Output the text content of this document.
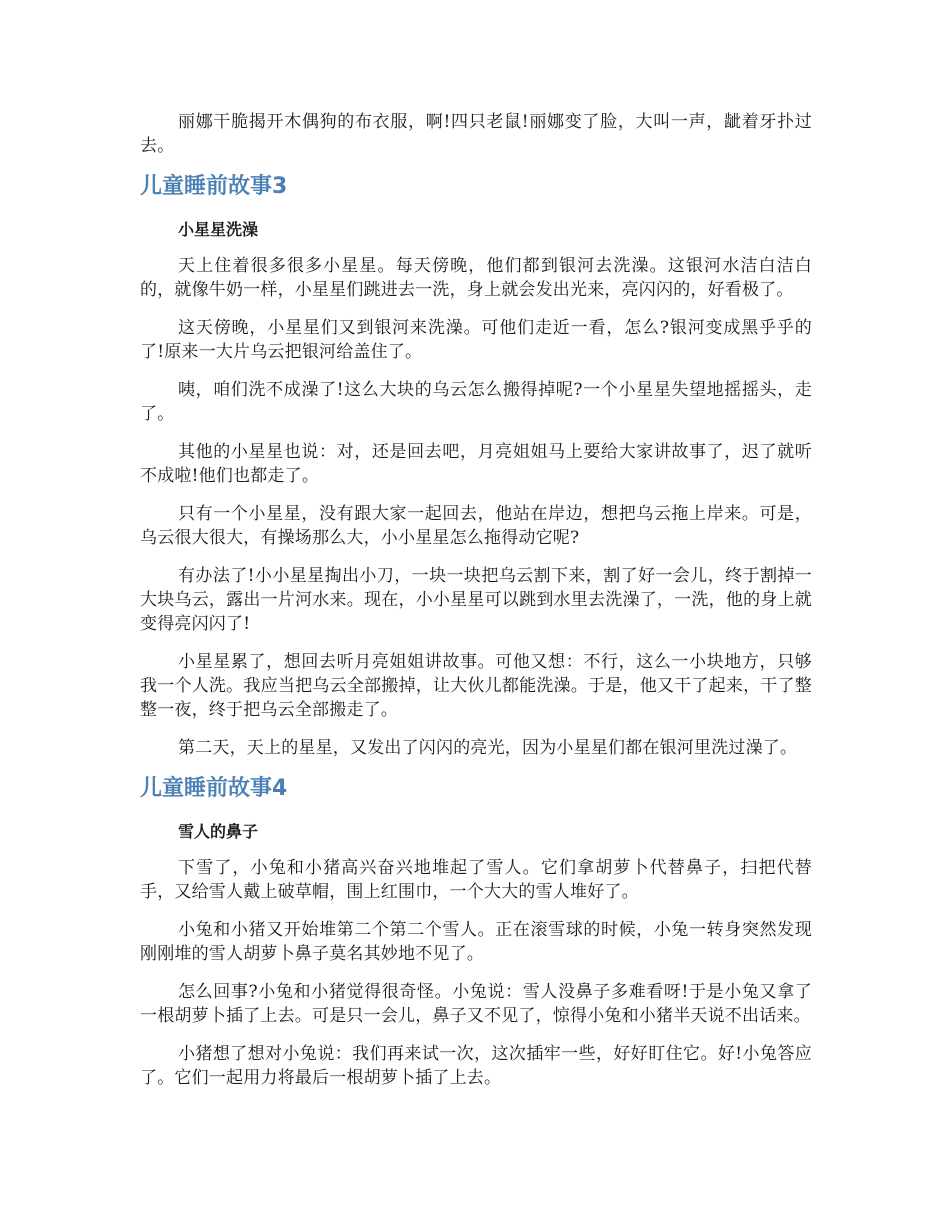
丽娜干脆揭开木偶狗的布衣服，啊!四只老鼠!丽娜变了脸，大叫一声，龇着牙扑过去。

儿童睡前故事3
小星星洗澡

天上住着很多很多小星星。每天傍晚，他们都到银河去洗澡。这银河水洁白洁白的，就像牛奶一样，小星星们跳进去一洗，身上就会发出光来，亮闪闪的，好看极了。

这天傍晚，小星星们又到银河来洗澡。可他们走近一看，怎么?银河变成黑乎乎的了!原来一大片乌云把银河给盖住了。

咦，咱们洗不成澡了!这么大块的乌云怎么搬得掉呢?一个小星星失望地摇摇头，走了。

其他的小星星也说：对，还是回去吧，月亮姐姐马上要给大家讲故事了，迟了就听不成啦!他们也都走了。

只有一个小星星，没有跟大家一起回去，他站在岸边，想把乌云拖上岸来。可是，乌云很大很大，有操场那么大，小小星星怎么拖得动它呢?

有办法了!小小星星掏出小刀，一块一块把乌云割下来，割了好一会儿，终于割掉一大块乌云，露出一片河水来。现在，小小星星可以跳到水里去洗澡了，一洗，他的身上就变得亮闪闪了!

小星星累了，想回去听月亮姐姐讲故事。可他又想：不行，这么一小块地方，只够我一个人洗。我应当把乌云全部搬掉，让大伙儿都能洗澡。于是，他又干了起来，干了整整一夜，终于把乌云全部搬走了。

第二天，天上的星星，又发出了闪闪的亮光，因为小星星们都在银河里洗过澡了。

儿童睡前故事4
雪人的鼻子

下雪了，小兔和小猪高兴奋兴地堆起了雪人。它们拿胡萝卜代替鼻子，扫把代替手，又给雪人戴上破草帽，围上红围巾，一个大大的雪人堆好了。

小兔和小猪又开始堆第二个第二个雪人。正在滚雪球的时候，小兔一转身突然发现刚刚堆的雪人胡萝卜鼻子莫名其妙地不见了。

怎么回事?小兔和小猪觉得很奇怪。小兔说：雪人没鼻子多难看呀!于是小兔又拿了一根胡萝卜插了上去。可是只一会儿，鼻子又不见了，惊得小兔和小猪半天说不出话来。

小猪想了想对小兔说：我们再来试一次，这次插牢一些，好好盯住它。好!小兔答应了。它们一起用力将最后一根胡萝卜插了上去。
